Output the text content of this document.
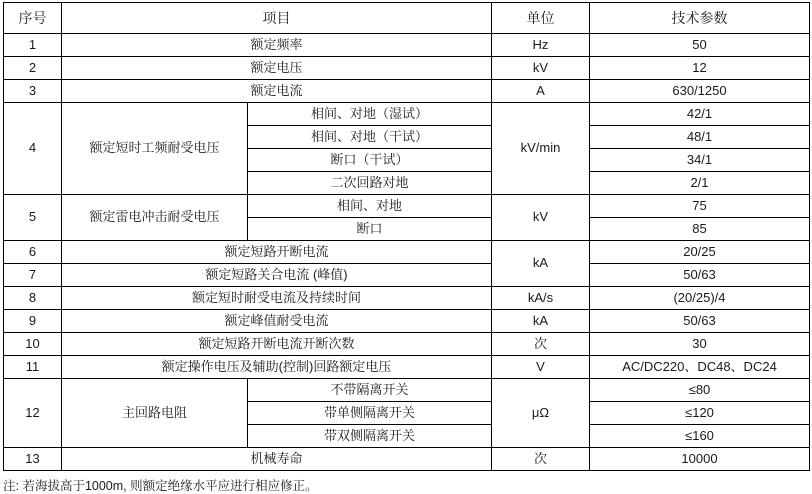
序号	项目		单位	技术参数
1	额定频率		Hz	50
2	额定电压		kV	12
3	额定电流		A	630/1250
4	额定短时工频耐受电压	相间、对地（湿试）	kV/min	42/1
		相间、对地（干试）		48/1
		断口（干试）		34/1
		二次回路对地		2/1
5	额定雷电冲击耐受电压	相间、对地	kV	75
		断口		85
6	额定短路开断电流		kA	20/25
7	额定短路关合电流 (峰值)			50/63
8	额定短时耐受电流及持续时间		kA/s	(20/25)/4
9	额定峰值耐受电流		kA	50/63
10	额定短路开断电流开断次数		次	30
11	额定操作电压及辅助(控制)回路额定电压		V	AC/DC220、DC48、DC24
12	主回路电阻	不带隔离开关	μΩ	≤80
		带单侧隔离开关		≤120
		带双侧隔离开关		≤160
13	机械寿命		次	10000
注: 若海拔高于1000m, 则额定绝缘水平应进行相应修正。
